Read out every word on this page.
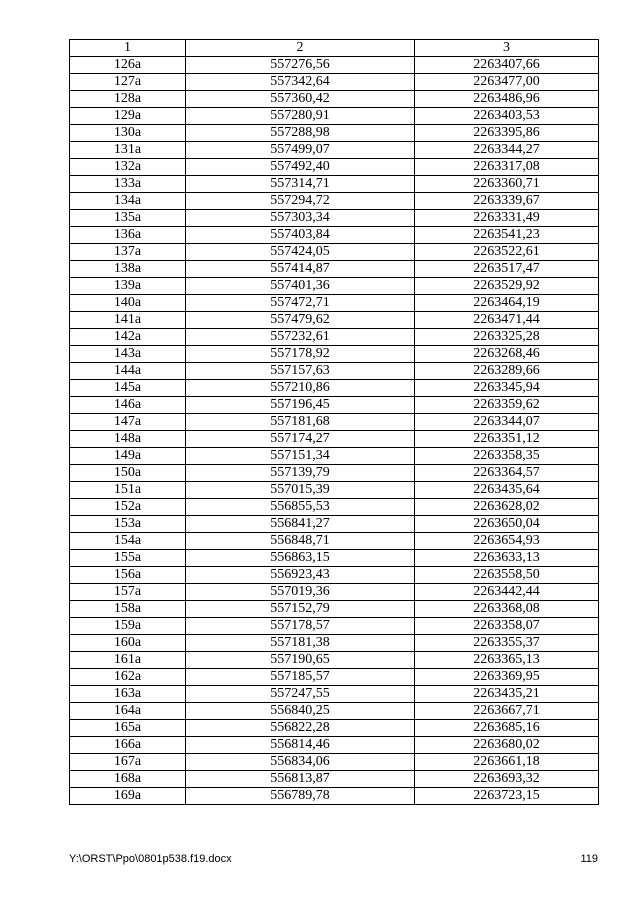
1	2	3
126a	557276,56	2263407,66
127a	557342,64	2263477,00
128a	557360,42	2263486,96
129a	557280,91	2263403,53
130a	557288,98	2263395,86
131a	557499,07	2263344,27
132a	557492,40	2263317,08
133a	557314,71	2263360,71
134a	557294,72	2263339,67
135a	557303,34	2263331,49
136a	557403,84	2263541,23
137a	557424,05	2263522,61
138a	557414,87	2263517,47
139a	557401,36	2263529,92
140a	557472,71	2263464,19
141a	557479,62	2263471,44
142a	557232,61	2263325,28
143a	557178,92	2263268,46
144a	557157,63	2263289,66
145a	557210,86	2263345,94
146a	557196,45	2263359,62
147a	557181,68	2263344,07
148a	557174,27	2263351,12
149a	557151,34	2263358,35
150a	557139,79	2263364,57
151a	557015,39	2263435,64
152a	556855,53	2263628,02
153a	556841,27	2263650,04
154a	556848,71	2263654,93
155a	556863,15	2263633,13
156a	556923,43	2263558,50
157a	557019,36	2263442,44
158a	557152,79	2263368,08
159a	557178,57	2263358,07
160a	557181,38	2263355,37
161a	557190,65	2263365,13
162a	557185,57	2263369,95
163a	557247,55	2263435,21
164a	556840,25	2263667,71
165a	556822,28	2263685,16
166a	556814,46	2263680,02
167a	556834,06	2263661,18
168a	556813,87	2263693,32
169a	556789,78	2263723,15
Y:\ORST\Ppo\0801p538.f19.docx	119
